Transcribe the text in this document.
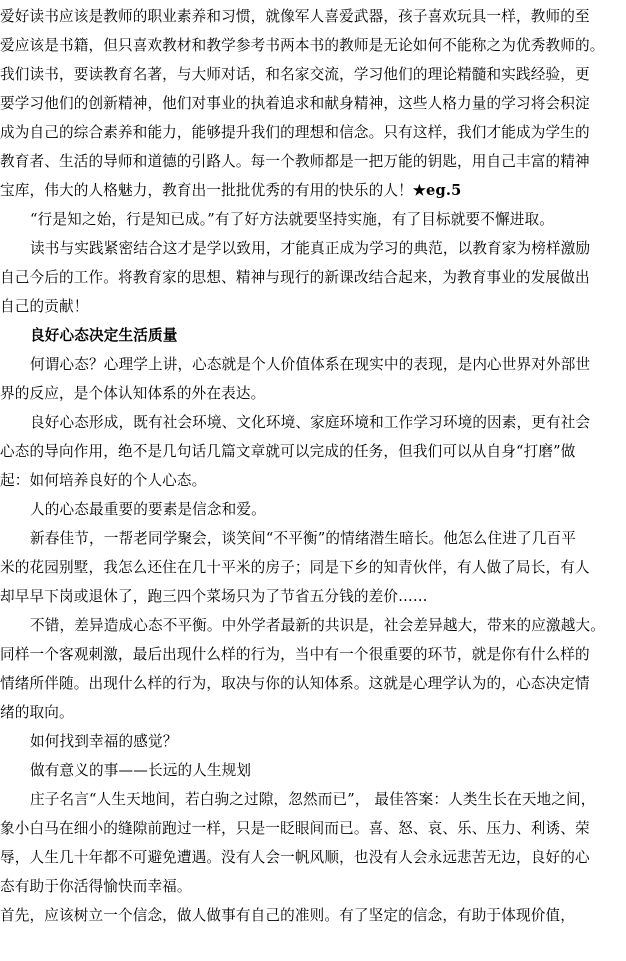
爱好读书应该是教师的职业素养和习惯，就像军人喜爱武器，孩子喜欢玩具一样，教师的至
爱应该是书籍，但只喜欢教材和教学参考书两本书的教师是无论如何不能称之为优秀教师的。
我们读书，要读教育名著，与大师对话，和名家交流，学习他们的理论精髓和实践经验，更
要学习他们的创新精神，他们对事业的执着追求和献身精神，这些人格力量的学习将会积淀
成为自己的综合素养和能力，能够提升我们的理想和信念。只有这样，我们才能成为学生的
教育者、生活的导师和道德的引路人。每一个教师都是一把万能的钥匙，用自己丰富的精神
宝库，伟大的人格魅力，教育出一批批优秀的有用的快乐的人！★eg.5
“行是知之始，行是知已成。”有了好方法就要坚持实施，有了目标就要不懈进取。
读书与实践紧密结合这才是学以致用，才能真正成为学习的典范，以教育家为榜样激励
自己今后的工作。将教育家的思想、精神与现行的新课改结合起来，为教育事业的发展做出
自己的贡献！
良好心态决定生活质量
何谓心态？心理学上讲，心态就是个人价值体系在现实中的表现，是内心世界对外部世
界的反应，是个体认知体系的外在表达。
良好心态形成，既有社会环境、文化环境、家庭环境和工作学习环境的因素，更有社会
心态的导向作用，绝不是几句话几篇文章就可以完成的任务，但我们可以从自身“打磨”做
起：如何培养良好的个人心态。
人的心态最重要的要素是信念和爱。
新春佳节，一帮老同学聚会，谈笑间“不平衡”的情绪潜生暗长。他怎么住进了几百平
米的花园别墅，我怎么还住在几十平米的房子；同是下乡的知青伙伴，有人做了局长，有人
却早早下岗或退休了，跑三四个菜场只为了节省五分钱的差价……
不错，差异造成心态不平衡。中外学者最新的共识是，社会差异越大，带来的应激越大。
同样一个客观刺激，最后出现什么样的行为，当中有一个很重要的环节，就是你有什么样的
情绪所伴随。出现什么样的行为，取决与你的认知体系。这就是心理学认为的，心态决定情
绪的取向。
如何找到幸福的感觉？
做有意义的事——长远的人生规划
庄子名言“人生天地间，若白驹之过隙，忽然而已”， 最佳答案：人类生长在天地之间，
象小白马在细小的缝隙前跑过一样，只是一眨眼间而已。喜、怒、哀、乐、压力、利诱、荣
辱，人生几十年都不可避免遭遇。没有人会一帆风顺，也没有人会永远悲苦无边，良好的心
态有助于你活得愉快而幸福。
首先，应该树立一个信念，做人做事有自己的准则。有了坚定的信念，有助于体现价值，
